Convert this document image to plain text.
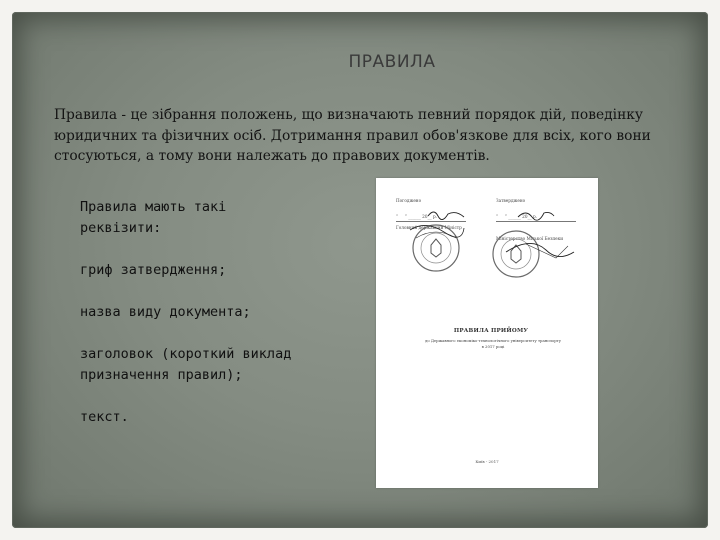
ПРАВИЛА
Правила - це зібрання положень, що визначають певний порядок дій, поведінку юридичних та фізичних осіб. Дотримання правил обов'язкове для всіх, кого вони стосуються, а тому вони належать до правових документів.

Правила мають такі реквізити:

гриф затвердження;

назва виду документа;

заголовок (короткий виклад призначення правил);

текст.

Погоджено
“     ” ______ 20__ р.
Головний державний Міністр
Затверджено
“     ” ______ 20__ р.
Міністерство Міської Безпеки
ПРАВИЛА ПРИЙОМУ
до Державного економіко-технологічного університету транспорту
в 2017 році
Київ - 2017
